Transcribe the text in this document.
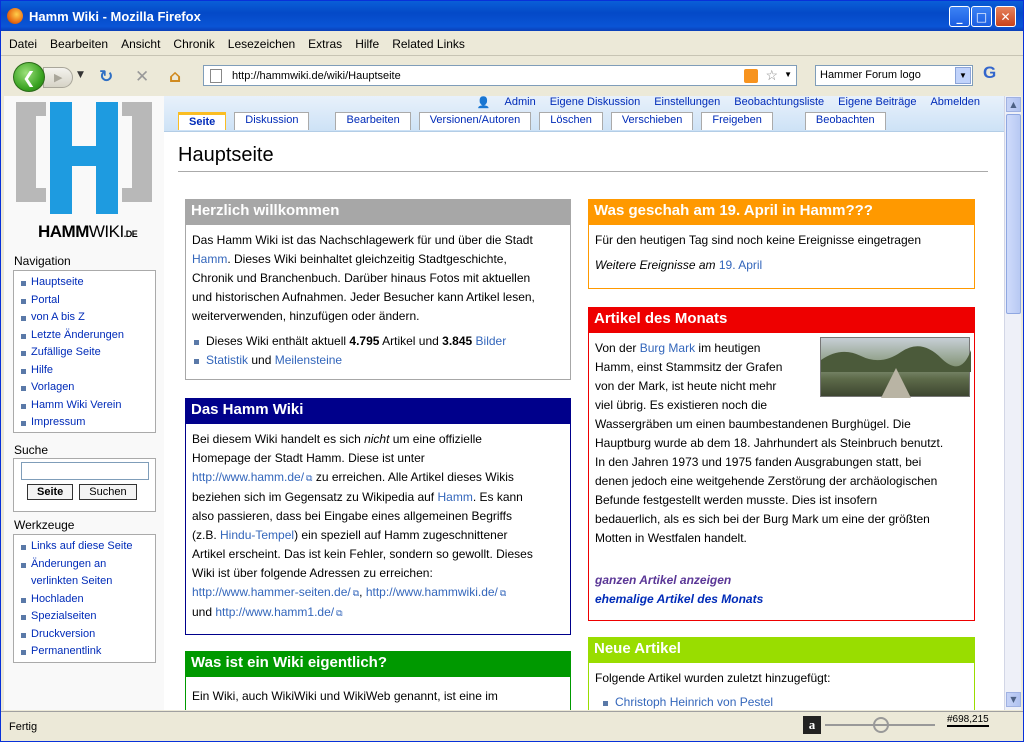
Hamm Wiki - Mozilla Firefox	_	□	✕
Datei Bearbeiten Ansicht Chronik Lesezeichen Extras Hilfe Related Links
▶
❮	▼ ↻ ✕ ⌂	http://hammwiki.de/wiki/Hauptseite	☆ ▼	Hammer Forum logo	▼ G
HAMMWIKI.DE
Navigation
Hauptseite
Portal
von A bis Z
Letzte Änderungen
Zufällige Seite
Hilfe
Vorlagen
Hamm Wiki Verein
Impressum
Suche
Seite	Suchen
Werkzeuge
Links auf diese Seite
Änderungen an
verlinkten Seiten
Hochladen
Spezialseiten
Druckversion
Permanentlink
👤 Admin Eigene Diskussion Einstellungen Beobachtungsliste Eigene Beiträge Abmelden
Seite	Diskussion	Bearbeiten	Versionen/Autoren	Löschen	Verschieben	Freigeben	Beobachten
Hauptseite
Herzlich willkommen
Das Hamm Wiki ist das Nachschlagewerk für und über die Stadt
Hamm. Dieses Wiki beinhaltet gleichzeitig Stadtgeschichte,
Chronik und Branchenbuch. Darüber hinaus Fotos mit aktuellen
und historischen Aufnahmen. Jeder Besucher kann Artikel lesen,
weiterverwenden, hinzufügen oder ändern.
Dieses Wiki enthält aktuell 4.795 Artikel und 3.845 Bilder
Statistik und Meilensteine
Das Hamm Wiki
Bei diesem Wiki handelt es sich nicht um eine offizielle
Homepage der Stadt Hamm. Diese ist unter
http://www.hamm.de/ ⧉ zu erreichen. Alle Artikel dieses Wikis
beziehen sich im Gegensatz zu Wikipedia auf Hamm. Es kann
also passieren, dass bei Eingabe eines allgemeinen Begriffs
(z.B. Hindu-Tempel) ein speziell auf Hamm zugeschnittener
Artikel erscheint. Das ist kein Fehler, sondern so gewollt. Dieses
Wiki ist über folgende Adressen zu erreichen:
http://www.hammer-seiten.de/ ⧉ , http://www.hammwiki.de/ ⧉
und http://www.hamm1.de/ ⧉
Was ist ein Wiki eigentlich?
Ein Wiki, auch WikiWiki und WikiWeb genannt, ist eine im
Was geschah am 19. April in Hamm???
Für den heutigen Tag sind noch keine Ereignisse eingetragen
Weitere Ereignisse am 19. April
Artikel des Monats
Von der Burg Mark im heutigen
Hamm, einst Stammsitz der Grafen
von der Mark, ist heute nicht mehr
viel übrig. Es existieren noch die
Wassergräben um einen baumbestandenen Burghügel. Die
Hauptburg wurde ab dem 18. Jahrhundert als Steinbruch benutzt.
In den Jahren 1973 und 1975 fanden Ausgrabungen statt, bei
denen jedoch eine weitgehende Zerstörung der archäologischen
Befunde festgestellt werden musste. Dies ist insofern
bedauerlich, als es sich bei der Burg Mark um eine der größten
Motten in Westfalen handelt.
ganzen Artikel anzeigen
ehemalige Artikel des Monats
Neue Artikel
Folgende Artikel wurden zuletzt hinzugefügt:
Christoph Heinrich von Pestel
▲
▼
Fertig	a	#698,215
